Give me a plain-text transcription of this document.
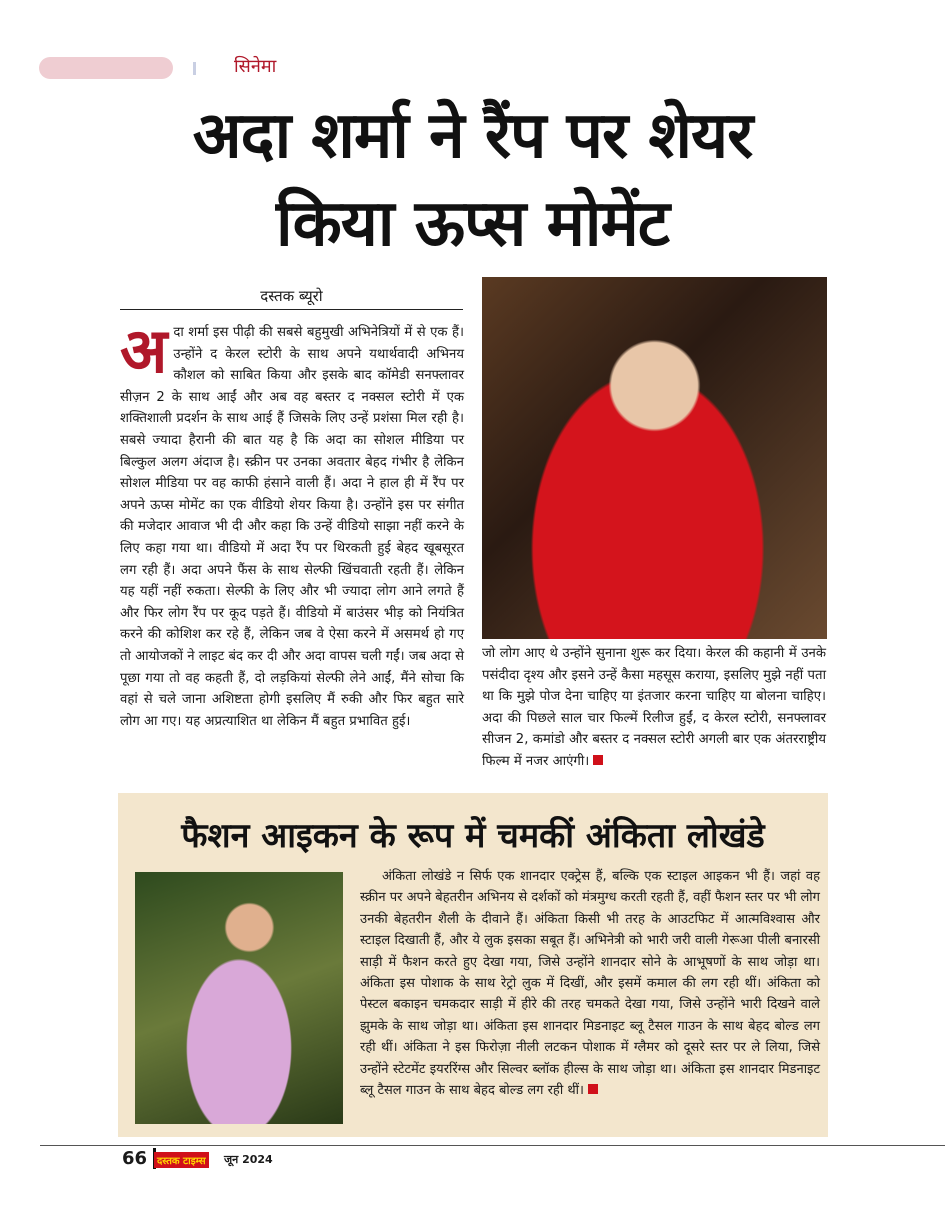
सिनेमा
अदा शर्मा ने रैंप पर शेयर
किया ऊप्स मोमेंट
दस्तक ब्यूरो
अ दा शर्मा इस पीढ़ी की सबसे बहुमुखी अभिनेत्रियों में से एक हैं। उन्होंने द केरल स्टोरी के साथ अपने यथार्थवादी अभिनय कौशल को साबित किया और इसके बाद कॉमेडी सनफ्लावर सीज़न 2 के साथ आईं और अब वह बस्तर द नक्सल स्टोरी में एक शक्तिशाली प्रदर्शन के साथ आई हैं जिसके लिए उन्हें प्रशंसा मिल रही है। सबसे ज्यादा हैरानी की बात यह है कि अदा का सोशल मीडिया पर बिल्कुल अलग अंदाज है। स्क्रीन पर उनका अवतार बेहद गंभीर है लेकिन सोशल मीडिया पर वह काफी हंसाने वाली हैं। अदा ने हाल ही में रैंप पर अपने ऊप्स मोमेंट का एक वीडियो शेयर किया है। उन्होंने इस पर संगीत की मजेदार आवाज भी दी और कहा कि उन्हें वीडियो साझा नहीं करने के लिए कहा गया था। वीडियो में अदा रैंप पर थिरकती हुई बेहद खूबसूरत लग रही हैं। अदा अपने फैंस के साथ सेल्फी खिंचवाती रहती हैं। लेकिन यह यहीं नहीं रुकता। सेल्फी के लिए और भी ज्यादा लोग आने लगते हैं और फिर लोग रैंप पर कूद पड़ते हैं। वीडियो में बाउंसर भीड़ को नियंत्रित करने की कोशिश कर रहे हैं, लेकिन जब वे ऐसा करने में असमर्थ हो गए तो आयोजकों ने लाइट बंद कर दी और अदा वापस चली गईं। जब अदा से पूछा गया तो वह कहती हैं, दो लड़कियां सेल्फी लेने आईं, मैंने सोचा कि वहां से चले जाना अशिष्टता होगी इसलिए मैं रुकी और फिर बहुत सारे लोग आ गए। यह अप्रत्याशित था लेकिन मैं बहुत प्रभावित हुई।
जो लोग आए थे उन्होंने सुनाना शुरू कर दिया। केरल की कहानी में उनके पसंदीदा दृश्य और इसने उन्हें कैसा महसूस कराया, इसलिए मुझे नहीं पता था कि मुझे पोज देना चाहिए या इंतजार करना चाहिए या बोलना चाहिए। अदा की पिछले साल चार फिल्में रिलीज हुईं, द केरल स्टोरी, सनफ्लावर सीजन 2, कमांडो और बस्तर द नक्सल स्टोरी अगली बार एक अंतरराष्ट्रीय फिल्म में नजर आएंगी।
फैशन आइकन के रूप में चमकीं अंकिता लोखंडे
अंकिता लोखंडे न सिर्फ एक शानदार एक्ट्रेस हैं, बल्कि एक स्टाइल आइकन भी हैं। जहां वह स्क्रीन पर अपने बेहतरीन अभिनय से दर्शकों को मंत्रमुग्ध करती रहती हैं, वहीं फैशन स्तर पर भी लोग उनकी बेहतरीन शैली के दीवाने हैं। अंकिता किसी भी तरह के आउटफिट में आत्मविश्वास और स्टाइल दिखाती हैं, और ये लुक इसका सबूत हैं। अभिनेत्री को भारी जरी वाली गेरूआ पीली बनारसी साड़ी में फैशन करते हुए देखा गया, जिसे उन्होंने शानदार सोने के आभूषणों के साथ जोड़ा था। अंकिता इस पोशाक के साथ रेट्रो लुक में दिखीं, और इसमें कमाल की लग रही थीं। अंकिता को पेस्टल बकाइन चमकदार साड़ी में हीरे की तरह चमकते देखा गया, जिसे उन्होंने भारी दिखने वाले झुमके के साथ जोड़ा था। अंकिता इस शानदार मिडनाइट ब्लू टैसल गाउन के साथ बेहद बोल्ड लग रही थीं। अंकिता ने इस फिरोज़ा नीली लटकन पोशाक में ग्लैमर को दूसरे स्तर पर ले लिया, जिसे उन्होंने स्टेटमेंट इयररिंग्स और सिल्वर ब्लॉक हील्स के साथ जोड़ा था। अंकिता इस शानदार मिडनाइट ब्लू टैसल गाउन के साथ बेहद बोल्ड लग रही थीं।
66 दस्तक टाइम्स जून 2024
